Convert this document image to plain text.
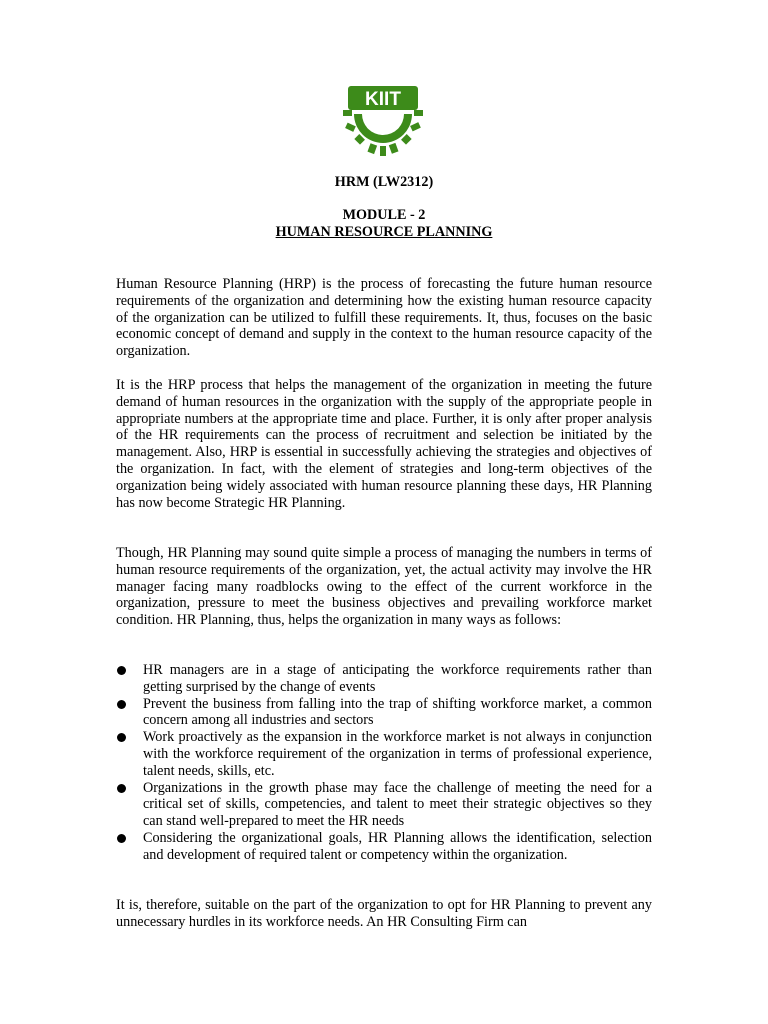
KIIT
HRM (LW2312)
MODULE - 2
HUMAN RESOURCE PLANNING

Human Resource Planning (HRP) is the process of forecasting the future human resource requirements of the organization and determining how the existing human resource capacity of the organization can be utilized to fulfill these requirements. It, thus, focuses on the basic economic concept of demand and supply in the context to the human resource capacity of the organization.

It is the HRP process that helps the management of the organization in meeting the future demand of human resources in the organization with the supply of the appropriate people in appropriate numbers at the appropriate time and place. Further, it is only after proper analysis of the HR requirements can the process of recruitment and selection be initiated by the management. Also, HRP is essential in successfully achieving the strategies and objectives of the organization. In fact, with the element of strategies and long-term objectives of the organization being widely associated with human resource planning these days, HR Planning has now become Strategic HR Planning.

Though, HR Planning may sound quite simple a process of managing the numbers in terms of human resource requirements of the organization, yet, the actual activity may involve the HR manager facing many roadblocks owing to the effect of the current workforce in the organization, pressure to meet the business objectives and prevailing workforce market condition. HR Planning, thus, helps the organization in many ways as follows:

HR managers are in a stage of anticipating the workforce requirements rather than getting surprised by the change of events
Prevent the business from falling into the trap of shifting workforce market, a common concern among all industries and sectors
Work proactively as the expansion in the workforce market is not always in conjunction with the workforce requirement of the organization in terms of professional experience, talent needs, skills, etc.
Organizations in the growth phase may face the challenge of meeting the need for a critical set of skills, competencies, and talent to meet their strategic objectives so they can stand well-prepared to meet the HR needs
Considering the organizational goals, HR Planning allows the identification, selection and development of required talent or competency within the organization.

It is, therefore, suitable on the part of the organization to opt for HR Planning to prevent any unnecessary hurdles in its workforce needs. An HR Consulting Firm can
